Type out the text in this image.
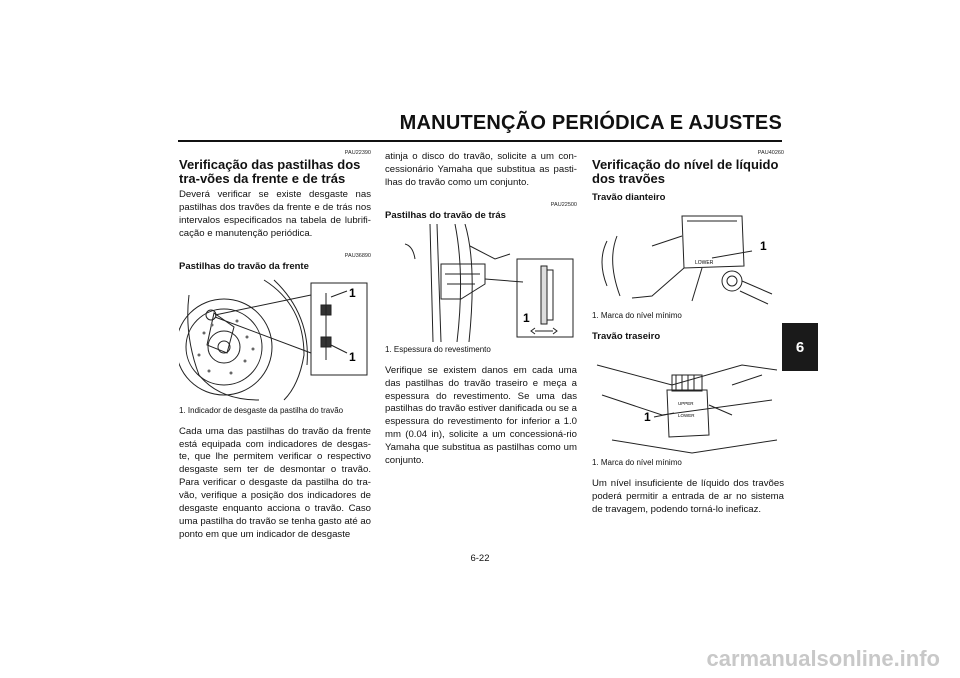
MANUTENÇÃO PERIÓDICA E AJUSTES
PAU22390
Verificação das pastilhas dos tra-vões da frente e de trás

Deverá verificar se existe desgaste nas pastilhas dos travões da frente e de trás nos intervalos especificados na tabela de lubrifi-cação e manutenção periódica.

PAU36890
Pastilhas do travão da frente
1
1
1. Indicador de desgaste da pastilha do travão

Cada uma das pastilhas do travão da frente está equipada com indicadores de desgas-te, que lhe permitem verificar o respectivo desgaste sem ter de desmontar o travão. Para verificar o desgaste da pastilha do tra-vão, verifique a posição dos indicadores de desgaste enquanto acciona o travão. Caso uma pastilha do travão se tenha gasto até ao ponto em que um indicador de desgaste

atinja o disco do travão, solicite a um con-cessionário Yamaha que substitua as pasti-lhas do travão como um conjunto.

PAU22500
Pastilhas do travão de trás
1
1. Espessura do revestimento

Verifique se existem danos em cada uma das pastilhas do travão traseiro e meça a espessura do revestimento. Se uma das pastilhas do travão estiver danificada ou se a espessura do revestimento for inferior a 1.0 mm (0.04 in), solicite a um concessioná-rio Yamaha que substitua as pastilhas como um conjunto.

PAU40260
Verificação do nível de líquido dos travões
Travão dianteiro
LOWER
1
1. Marca do nível mínimo
Travão traseiro
UPPER
LOWER
1
1. Marca do nível mínimo

Um nível insuficiente de líquido dos travões poderá permitir a entrada de ar no sistema de travagem, podendo torná-lo ineficaz.

6
6-22
carmanualsonline.info
